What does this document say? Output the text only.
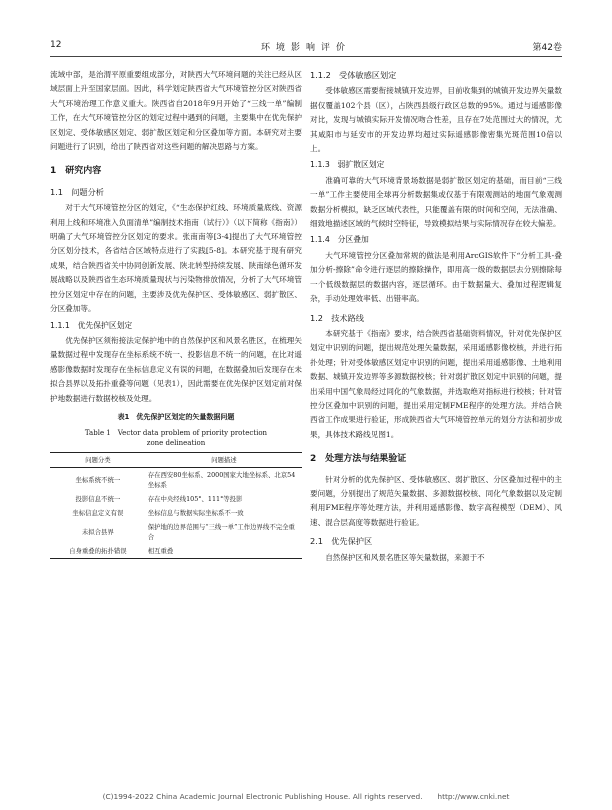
12	环境影响评价	第42卷

流域中部，是治渭平原重要组成部分，对陕西大气环境问题的关注已经从区域层面上升至国家层面。因此，科学划定陕西省大气环境管控分区对陕西省大气环境治理工作意义重大。陕西省自2018年9月开始了“三线一单”编制工作，在大气环境管控分区的划定过程中遇到的问题，主要集中在优先保护区划定、受体敏感区划定、弱扩散区划定和分区叠加等方面。本研究对主要问题进行了识别，给出了陕西省对这些问题的解决思路与方案。

1　研究内容
1.1　问题分析

对于大气环境管控分区的划定，《“生态保护红线、环境质量底线、资源利用上线和环境准入负面清单”编制技术指南（试行）》（以下简称《指南》）明确了大气环境管控分区划定的要求。张南南等[3-4]提出了大气环境管控分区划分技术，各省结合区域特点进行了实践[5-8]。本研究基于现有研究成果，结合陕西省关中协同创新发展、陕北转型持续发展、陕南绿色循环发展战略以及陕西省生态环境质量现状与污染物排放情况，分析了大气环境管控分区划定中存在的问题，主要涉及优先保护区、受体敏感区、弱扩散区、分区叠加等。

1.1.1　优先保护区划定

优先保护区须衔接法定保护地中的自然保护区和风景名胜区，在梳理矢量数据过程中发现存在坐标系统不统一、投影信息不统一的问题，在比对遥感影像数据时发现存在坐标信息定义有误的问题，在数据叠加后发现存在未拟合县界以及拓扑重叠等问题（见表1），因此需要在优先保护区划定前对保护地数据进行数据校核及处理。

表1　优先保护区划定的矢量数据问题
Table 1　Vector data problem of priority protection
zone delineation
问题分类	问题描述
坐标系统不统一	存在西安80坐标系、2000国家大地坐标系、北京54坐标系
投影信息不统一	存在中央经线105°、111°等投影
坐标信息定义有误	坐标信息与数据实际坐标系不一致
未拟合县界	保护地的边界范围与“三线一单”工作边界线不完全重合
自身重叠的拓扑错误	相互重叠
1.1.2　受体敏感区划定

受体敏感区需要衔接城镇开发边界，目前收集到的城镇开发边界矢量数据仅覆盖102个县（区），占陕西县级行政区总数的95%。通过与遥感影像对比，发现与城镇实际开发情况吻合性差，且存在7处范围过大的情况，尤其咸阳市与延安市的开发边界均超过实际遥感影像密集光斑范围10倍以上。

1.1.3　弱扩散区划定

准确可靠的大气环境背景场数据是弱扩散区划定的基础，而目前“三线一单”工作主要使用全球再分析数据集或仅基于有限观测站的地面气象观测数据分析模拟，缺乏区域代表性，只能覆盖有限的时间和空间，无法准确、细致地描述区域的气候时空特征，导致模拟结果与实际情况存在较大偏差。

1.1.4　分区叠加

大气环境管控分区叠加常规的做法是利用ArcGIS软件下“分析工具-叠加分析-擦除”命令进行逐层的擦除操作，即用高一级的数据层去分别擦除每一个低级数据层的数据内容，逐层循环。由于数据量大、叠加过程逻辑复杂，手动处理效率低、出错率高。

1.2　技术路线

本研究基于《指南》要求，结合陕西省基础资料情况，针对优先保护区划定中识别的问题，提出规范处理矢量数据，采用遥感影像校核，并进行拓扑处理；针对受体敏感区划定中识别的问题，提出采用遥感影像、土地利用数据、城镇开发边界等多源数据校核；针对弱扩散区划定中识别的问题，提出采用中国气象局经过同化的气象数据，并选取绝对指标进行校核；针对管控分区叠加中识别的问题，提出采用定制FME程序的处理方法。并结合陕西省工作成果进行验证，形成陕西省大气环境管控单元的划分方法和初步成果，具体技术路线见图1。

2　处理方法与结果验证

针对分析的优先保护区、受体敏感区、弱扩散区、分区叠加过程中的主要问题，分别提出了规范矢量数据、多源数据校核、同化气象数据以及定制利用FME程序等处理方法，并利用遥感影像、数字高程模型（DEM）、风速、混合层高度等数据进行验证。

2.1　优先保护区

自然保护区和风景名胜区等矢量数据，来源于不

(C)1994-2022 China Academic Journal Electronic Publishing House. All rights reserved.　　http://www.cnki.net
